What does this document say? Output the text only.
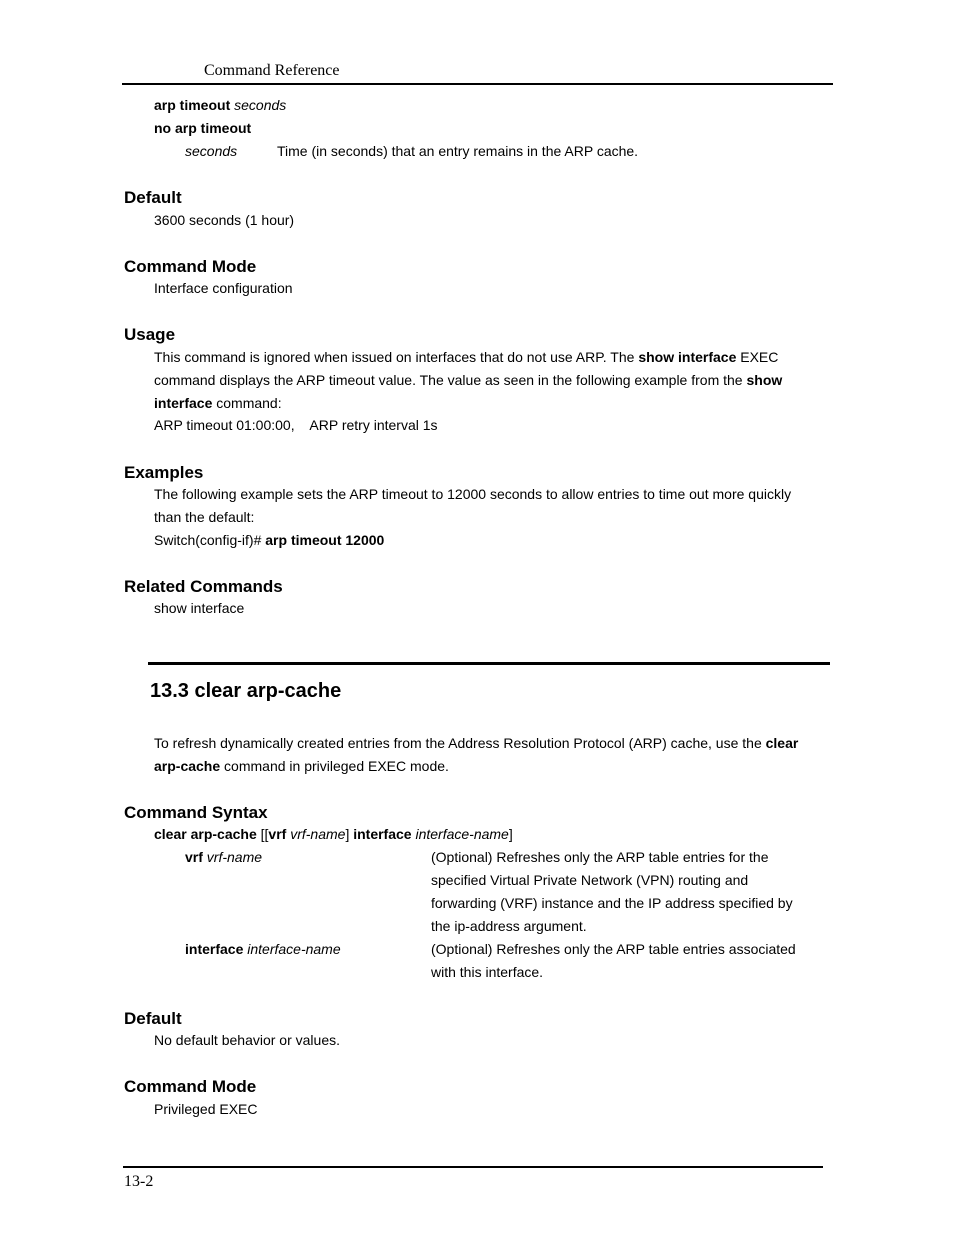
Command Reference
arp timeout seconds
no arp timeout
seconds	Time (in seconds) that an entry remains in the ARP cache.
Default
3600 seconds (1 hour)
Command Mode
Interface configuration
Usage
This command is ignored when issued on interfaces that do not use ARP. The show interface EXEC
command displays the ARP timeout value. The value as seen in the following example from the show
interface command:
ARP timeout 01:00:00,    ARP retry interval 1s
Examples
The following example sets the ARP timeout to 12000 seconds to allow entries to time out more quickly
than the default:
Switch(config-if)# arp timeout 12000
Related Commands
show interface
13.3 clear arp-cache
To refresh dynamically created entries from the Address Resolution Protocol (ARP) cache, use the clear
arp-cache command in privileged EXEC mode.
Command Syntax
clear arp-cache [[vrf vrf-name] interface interface-name]
vrf vrf-name	(Optional) Refreshes only the ARP table entries for the
specified Virtual Private Network (VPN) routing and
forwarding (VRF) instance and the IP address specified by
the ip-address argument.
interface interface-name	(Optional) Refreshes only the ARP table entries associated
with this interface.
Default
No default behavior or values.
Command Mode
Privileged EXEC
13-2
